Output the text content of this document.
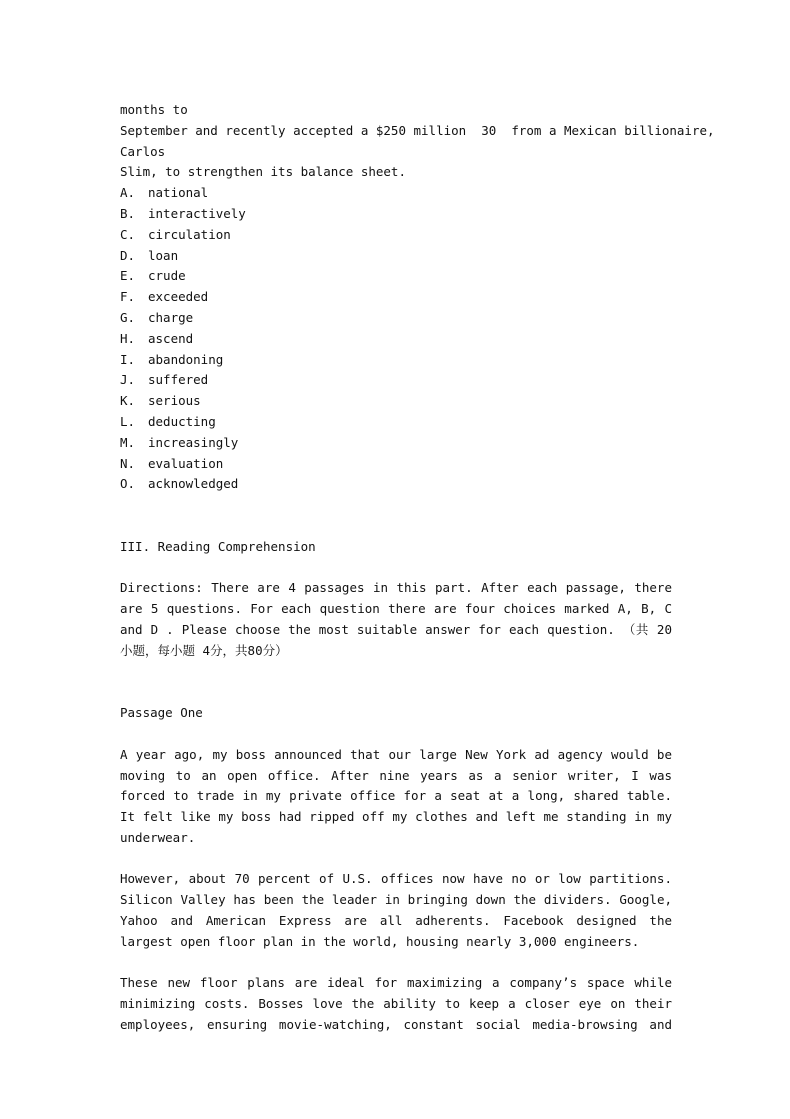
months to
September and recently accepted a $250 million  30  from a Mexican billionaire,
Carlos
Slim, to strengthen its balance sheet.
A.	national
B.	interactively
C.	circulation
D.	loan
E.	crude
F.	exceeded
G.	charge
H.	ascend
I.	abandoning
J.	suffered
K.	serious
L.	deducting
M.	increasingly
N.	evaluation
O.	acknowledged
III. Reading Comprehension
Directions: There are 4 passages in this part. After each passage, there are 5 questions. For each question there are four choices marked A, B, C and D . Please choose the most suitable answer for each question. （共 20 小题，每小题 4分，共80分）
Passage One
A year ago, my boss announced that our large New York ad agency would be moving to an open office. After nine years as a senior writer, I was forced to trade in my private office for a seat at a long, shared table. It felt like my boss had ripped off my clothes and left me standing in my underwear.
However, about 70 percent of U.S. offices now have no or low partitions. Silicon Valley has been the leader in bringing down the dividers. Google, Yahoo and American Express are all adherents. Facebook designed the largest open floor plan in the world, housing nearly 3,000 engineers.
These new floor plans are ideal for maximizing a company’s space while minimizing costs. Bosses love the ability to keep a closer eye on their employees, ensuring movie-watching, constant social media-browsing and
